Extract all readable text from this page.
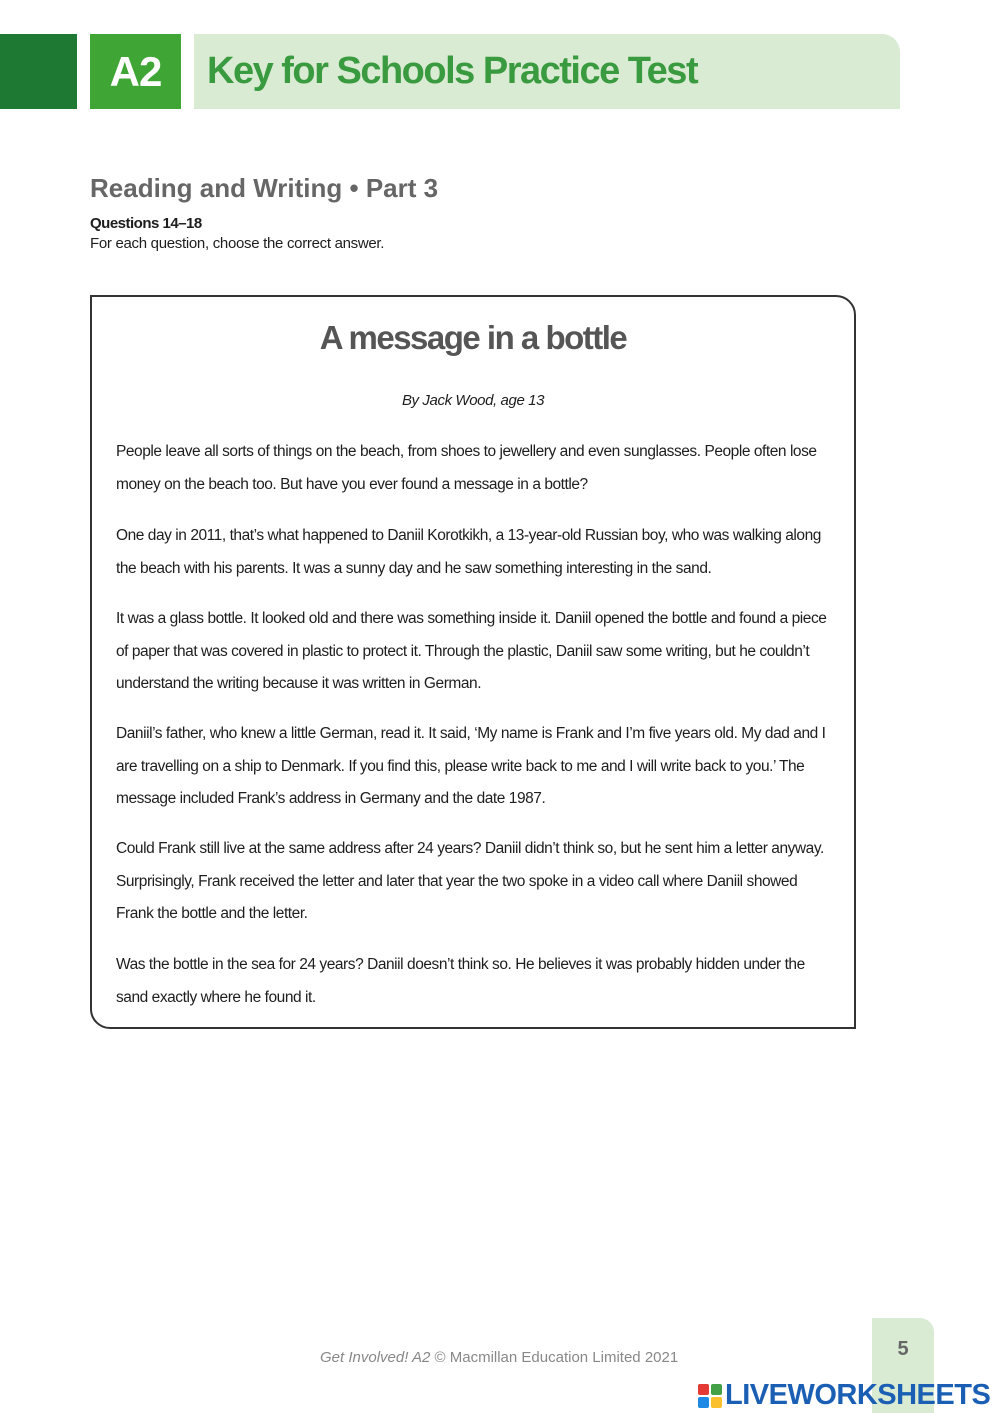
A2	Key for Schools Practice Test
Reading and Writing • Part 3
Questions 14–18
For each question, choose the correct answer.
A message in a bottle
By Jack Wood, age 13

People leave all sorts of things on the beach, from shoes to jewellery and even sunglasses. People often lose money on the beach too. But have you ever found a message in a bottle?

One day in 2011, that’s what happened to Daniil Korotkikh, a 13-year-old Russian boy, who was walking along the beach with his parents. It was a sunny day and he saw something interesting in the sand.

It was a glass bottle. It looked old and there was something inside it. Daniil opened the bottle and found a piece of paper that was covered in plastic to protect it. Through the plastic, Daniil saw some writing, but he couldn’t understand the writing because it was written in German.

Daniil’s father, who knew a little German, read it. It said, ‘My name is Frank and I’m five years old. My dad and I are travelling on a ship to Denmark. If you find this, please write back to me and I will write back to you.’ The message included Frank’s address in Germany and the date 1987.

Could Frank still live at the same address after 24 years? Daniil didn’t think so, but he sent him a letter anyway. Surprisingly, Frank received the letter and later that year the two spoke in a video call where Daniil showed Frank the bottle and the letter.

Was the bottle in the sea for 24 years? Daniil doesn’t think so. He believes it was probably hidden under the sand exactly where he found it.

Get Involved! A2 © Macmillan Education Limited 2021	5
LIVEWORKSHEETS
